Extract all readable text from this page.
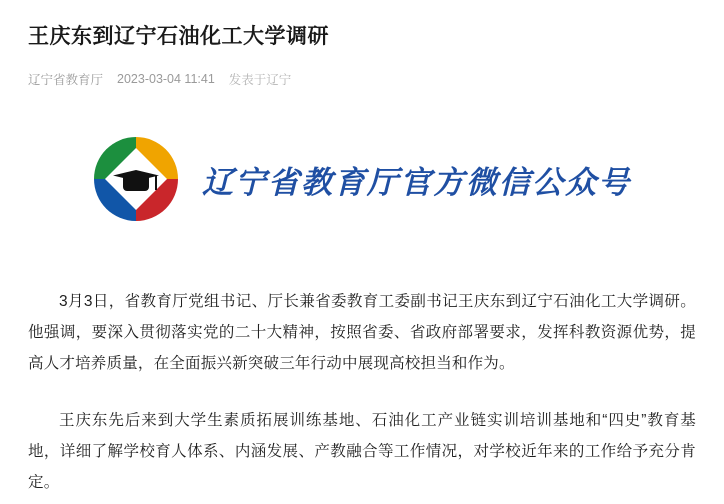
王庆东到辽宁石油化工大学调研
辽宁省教育厅 2023-03-04 11:41 发表于辽宁
辽宁省教育厅官方微信公众号

3月3日，省教育厅党组书记、厅长兼省委教育工委副书记王庆东到辽宁石油化工大学调研。他强调，要深入贯彻落实党的二十大精神，按照省委、省政府部署要求，发挥科教资源优势，提高人才培养质量，在全面振兴新突破三年行动中展现高校担当和作为。

王庆东先后来到大学生素质拓展训练基地、石油化工产业链实训培训基地和“四史”教育基地，详细了解学校育人体系、内涵发展、产教融合等工作情况，对学校近年来的工作给予充分肯定。
